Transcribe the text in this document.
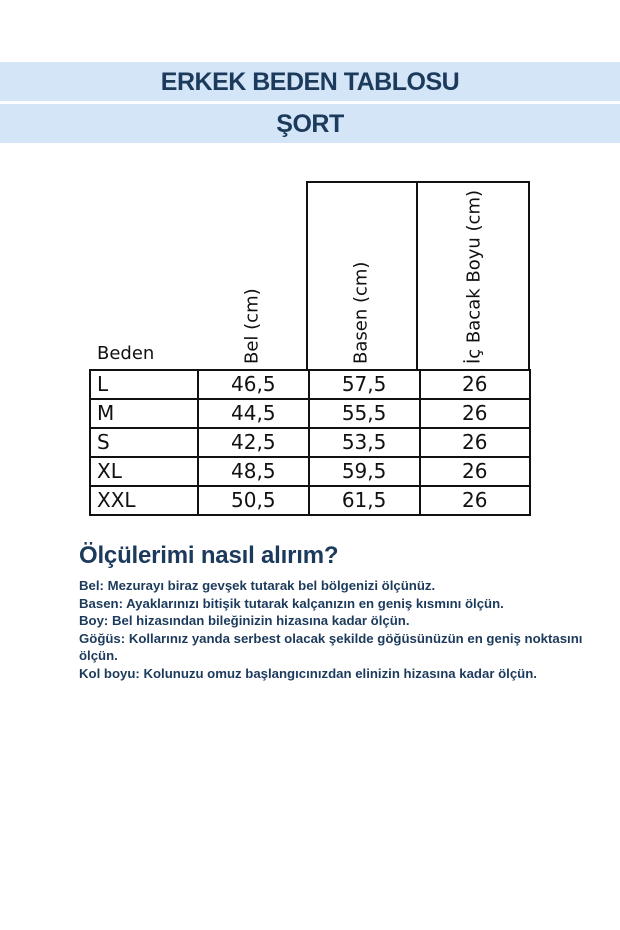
ERKEK BEDEN TABLOSU
ŞORT
Beden	Bel (cm)	Basen (cm)	İç Bacak Boyu (cm)
L	46,5	57,5	26
M	44,5	55,5	26
S	42,5	53,5	26
XL	48,5	59,5	26
XXL	50,5	61,5	26
Ölçülerimi nasıl alırım?

Bel: Mezurayı biraz gevşek tutarak bel bölgenizi ölçünüz.

Basen: Ayaklarınızı bitişik tutarak kalçanızın en geniş kısmını ölçün.

Boy: Bel hizasından bileğinizin hizasına kadar ölçün.

Göğüs: Kollarınız yanda serbest olacak şekilde göğüsünüzün en geniş noktasını ölçün.

Kol boyu: Kolunuzu omuz başlangıcınızdan elinizin hizasına kadar ölçün.
